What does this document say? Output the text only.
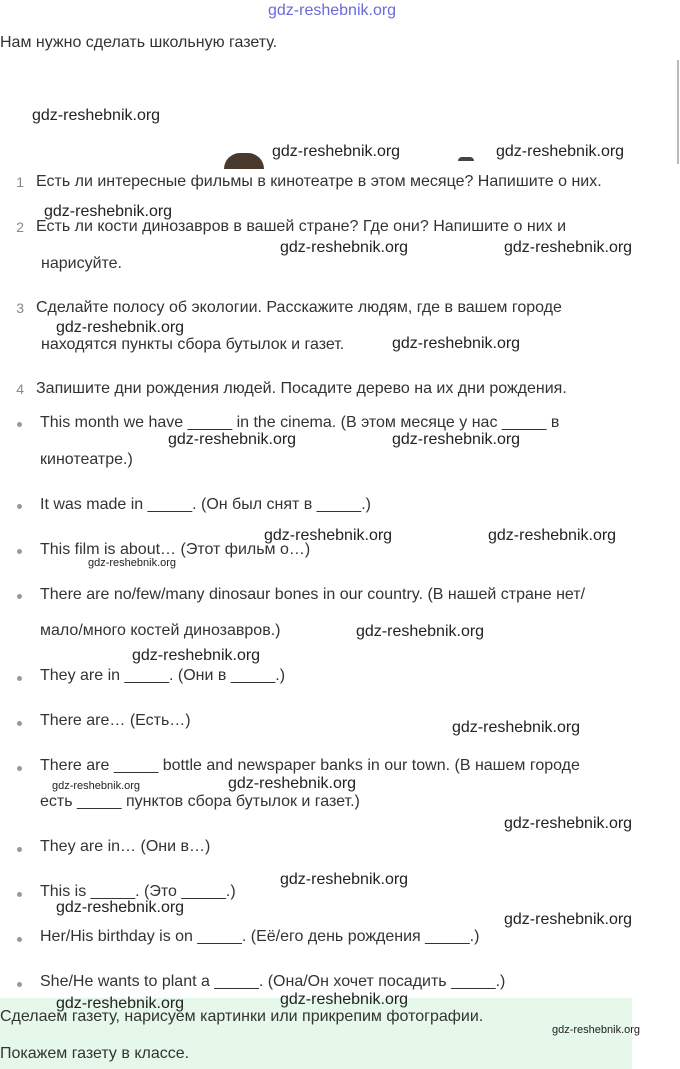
gdz-reshebnik.org
Нам нужно сделать школьную газету.
1 Есть ли интересные фильмы в кинотеатре в этом месяце? Напишите о них.
2 Есть ли кости динозавров в вашей стране? Где они? Напишите о них и
нарисуйте.
3 Сделайте полосу об экологии. Расскажите людям, где в вашем городе
находятся пункты сбора бутылок и газет.
4 Запишите дни рождения людей. Посадите дерево на их дни рождения.
This month we have _____ in the cinema. (В этом месяце у нас _____ в
кинотеатре.)
It was made in _____. (Он был снят в _____.)
This film is about… (Этот фильм о…)
There are no/few/many dinosaur bones in our country. (В нашей стране нет/
мало/много костей динозавров.)
They are in _____. (Они в _____.)
There are… (Есть…)
There are _____ bottle and newspaper banks in our town. (В нашем городе
есть _____ пунктов сбора бутылок и газет.)
They are in… (Они в…)
This is _____. (Это _____.)
Her/His birthday is on _____. (Её/его день рождения _____.)
She/He wants to plant a _____. (Она/Он хочет посадить _____.)
Сделаем газету, нарисуем картинки или прикрепим фотографии.
Покажем газету в классе.
gdz-reshebnik.org
gdz-reshebnik.org	gdz-reshebnik.org
gdz-reshebnik.org
gdz-reshebnik.org	gdz-reshebnik.org
gdz-reshebnik.org
gdz-reshebnik.org
gdz-reshebnik.org	gdz-reshebnik.org
gdz-reshebnik.org	gdz-reshebnik.org
gdz-reshebnik.org
gdz-reshebnik.org
gdz-reshebnik.org
gdz-reshebnik.org
gdz-reshebnik.org	gdz-reshebnik.org
gdz-reshebnik.org
gdz-reshebnik.org
gdz-reshebnik.org
gdz-reshebnik.org
gdz-reshebnik.org	gdz-reshebnik.org
gdz-reshebnik.org
